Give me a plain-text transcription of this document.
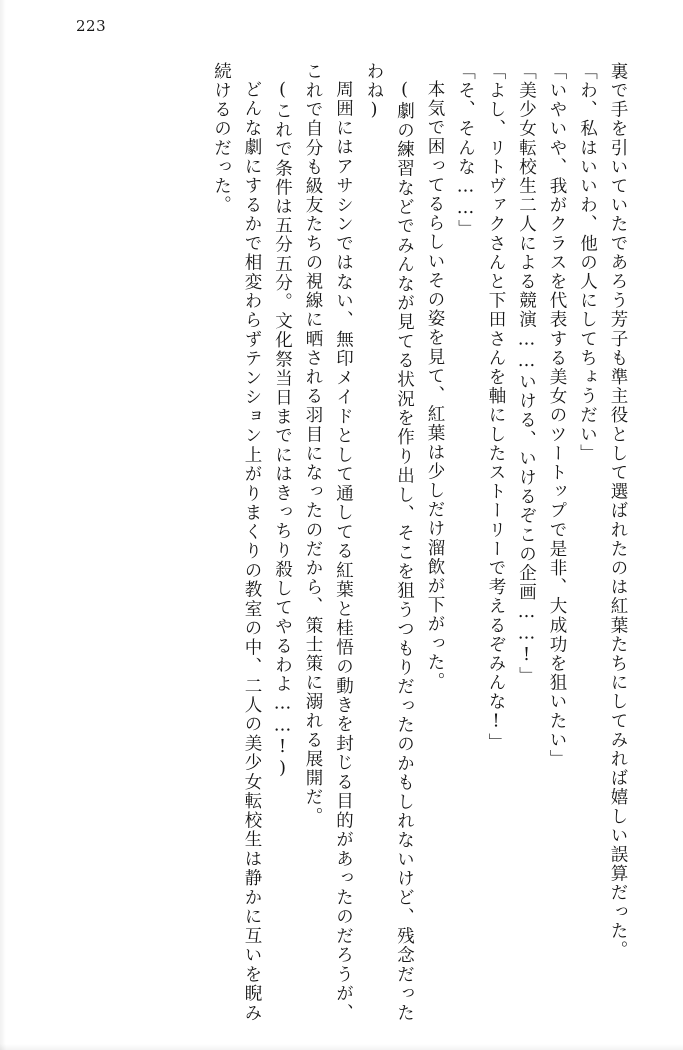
223

裏で手を引いていたであろう芳子も準主役として選ばれたのは紅葉たちにしてみれば嬉しい誤算だった。

「わ、私はいいわ、他の人にしてちょうだい」

「いやいや、我がクラスを代表する美女のツートップで是非、大成功を狙いたい」

「美少女転校生二人による競演……いける、いけるぞこの企画……!」

「よし、リトヴァクさんと下田さんを軸にしたストーリーで考えるぞみんな!」

「そ、そんな……」

本気で困ってるらしいその姿を見て、紅葉は少しだけ溜飲が下がった。

(劇の練習などでみんなが見てる状況を作り出し、そこを狙うつもりだったのかもしれないけど、残念だったわね)

周囲にはアサシンではない、無印メイドとして通してる紅葉と桂悟の動きを封じる目的があったのだろうが、これで自分も級友たちの視線に晒される羽目になったのだから、策士策に溺れる展開だ。

(これで条件は五分五分。文化祭当日までにはきっちり殺してやるわよ……!)

どんな劇にするかで相変わらずテンション上がりまくりの教室の中、二人の美少女転校生は静かに互いを睨み続けるのだった。
